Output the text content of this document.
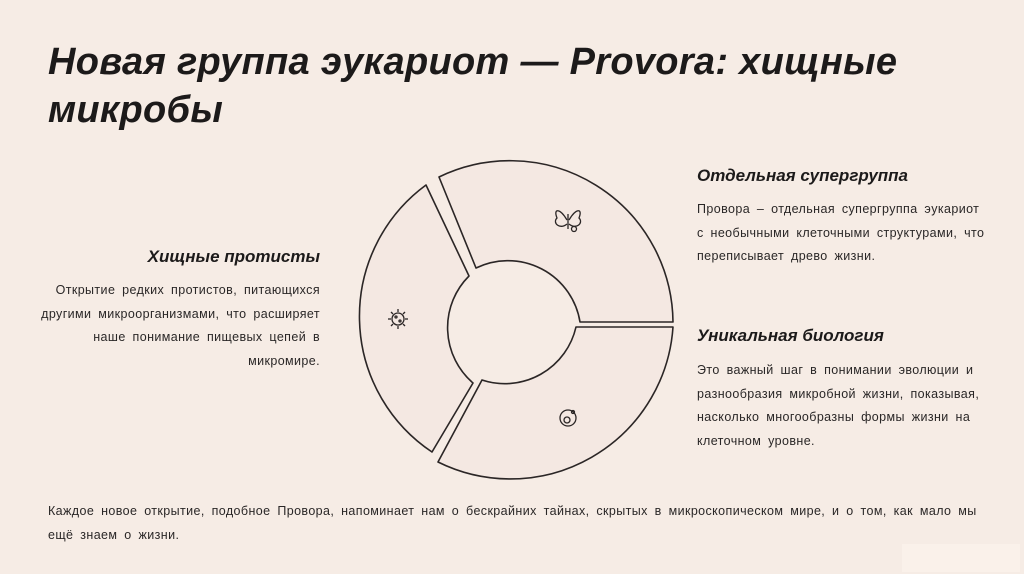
Новая группа эукариот — Provora: хищные микробы
Отдельная супергруппа
Провора – отдельная супергруппа эукариот с необычными клеточными структурами, что переписывает древо жизни.
Хищные протисты
Открытие редких протистов, питающихся другими микроорганизмами, что расширяет наше понимание пищевых цепей в микромире.
Уникальная биология
Это важный шаг в понимании эволюции и разнообразия микробной жизни, показывая, насколько многообразны формы жизни на клеточном уровне.
Каждое новое открытие, подобное Провора, напоминает нам о бескрайних тайнах, скрытых в микроскопическом мире, и о том, как мало мы ещё знаем о жизни.
